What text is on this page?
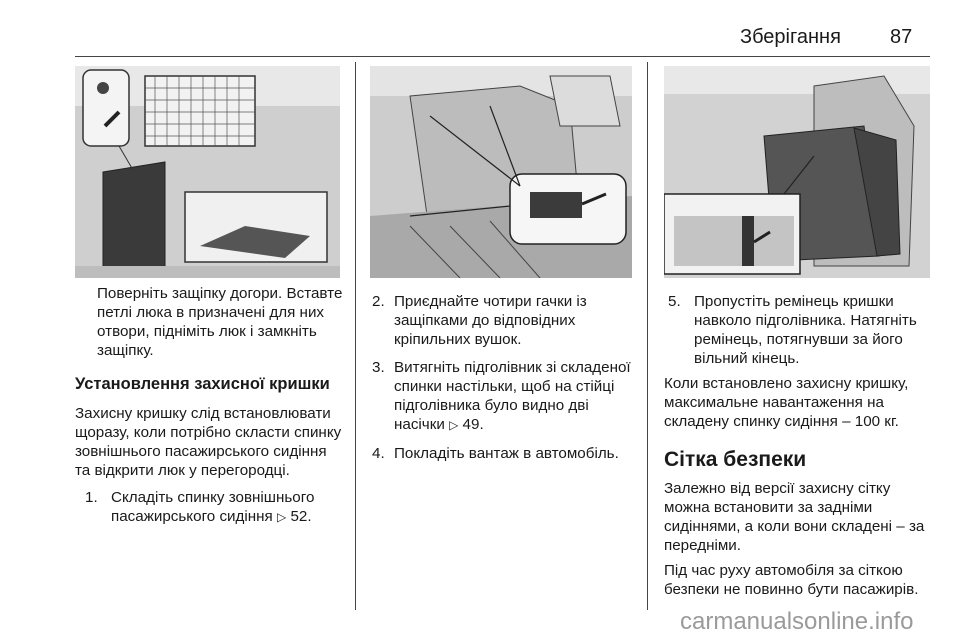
Зберігання 87

Поверніть защіпку догори. Вставте петлі люка в призначені для них отвори, підніміть люк і замкніть защіпку.

Установлення захисної кришки

Захисну кришку слід встановлювати щоразу, коли потрібно скласти спинку зовнішнього пасажирського сидіння та відкрити люк у перегородці.

1. Складіть спинку зовнішнього пасажирського сидіння ▷ 52.
2. Приєднайте чотири гачки із защіпками до відповідних кріпильних вушок.
3. Витягніть підголівник зі складеної спинки настільки, щоб на стійці підголівника було видно дві насічки ▷ 49.
4. Покладіть вантаж в автомобіль.
5. Пропустіть ремінець кришки навколо підголівника. Натягніть ремінець, потягнувши за його вільний кінець.

Коли встановлено захисну кришку, максимальне навантаження на складену спинку сидіння – 100 кг.

Сітка безпеки

Залежно від версії захисну сітку можна встановити за задніми сидіннями, а коли вони складені – за передніми.

Під час руху автомобіля за сіткою безпеки не повинно бути пасажирів.

carmanualsonline.info
